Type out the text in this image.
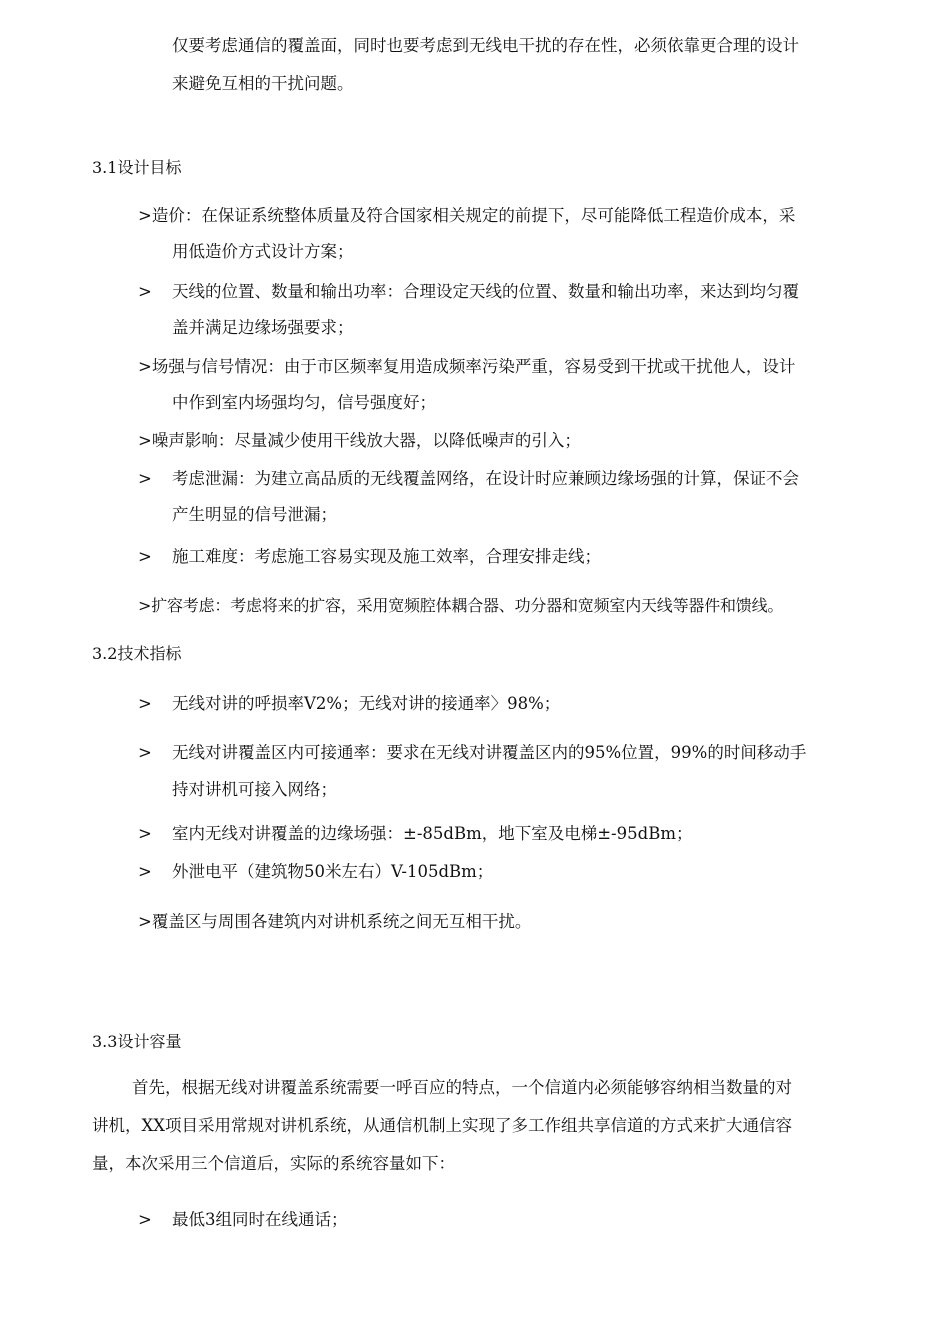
仅要考虑通信的覆盖面，同时也要考虑到无线电干扰的存在性，必须依靠更合理的设计
来避免互相的干扰问题。
3.1设计目标
>造价：在保证系统整体质量及符合国家相关规定的前提下，尽可能降低工程造价成本，采
用低造价方式设计方案；
> 天线的位置、数量和输出功率：合理设定天线的位置、数量和输出功率，来达到均匀覆
盖并满足边缘场强要求；
>场强与信号情况：由于市区频率复用造成频率污染严重，容易受到干扰或干扰他人，设计
中作到室内场强均匀，信号强度好；
>噪声影响：尽量减少使用干线放大器，以降低噪声的引入；
> 考虑泄漏：为建立高品质的无线覆盖网络，在设计时应兼顾边缘场强的计算，保证不会
产生明显的信号泄漏；
> 施工难度：考虑施工容易实现及施工效率，合理安排走线；
>扩容考虑：考虑将来的扩容，采用宽频腔体耦合器、功分器和宽频室内天线等器件和馈线。
3.2技术指标
> 无线对讲的呼损率V2%；无线对讲的接通率〉98%；
> 无线对讲覆盖区内可接通率：要求在无线对讲覆盖区内的95%位置，99%的时间移动手
持对讲机可接入网络；
> 室内无线对讲覆盖的边缘场强：±-85dBm，地下室及电梯±-95dBm；
> 外泄电平（建筑物50米左右）V-105dBm；
>覆盖区与周围各建筑内对讲机系统之间无互相干扰。
3.3设计容量
首先，根据无线对讲覆盖系统需要一呼百应的特点，一个信道内必须能够容纳相当数量的对
讲机，XX项目采用常规对讲机系统，从通信机制上实现了多工作组共享信道的方式来扩大通信容
量，本次采用三个信道后，实际的系统容量如下：
> 最低3组同时在线通话；
